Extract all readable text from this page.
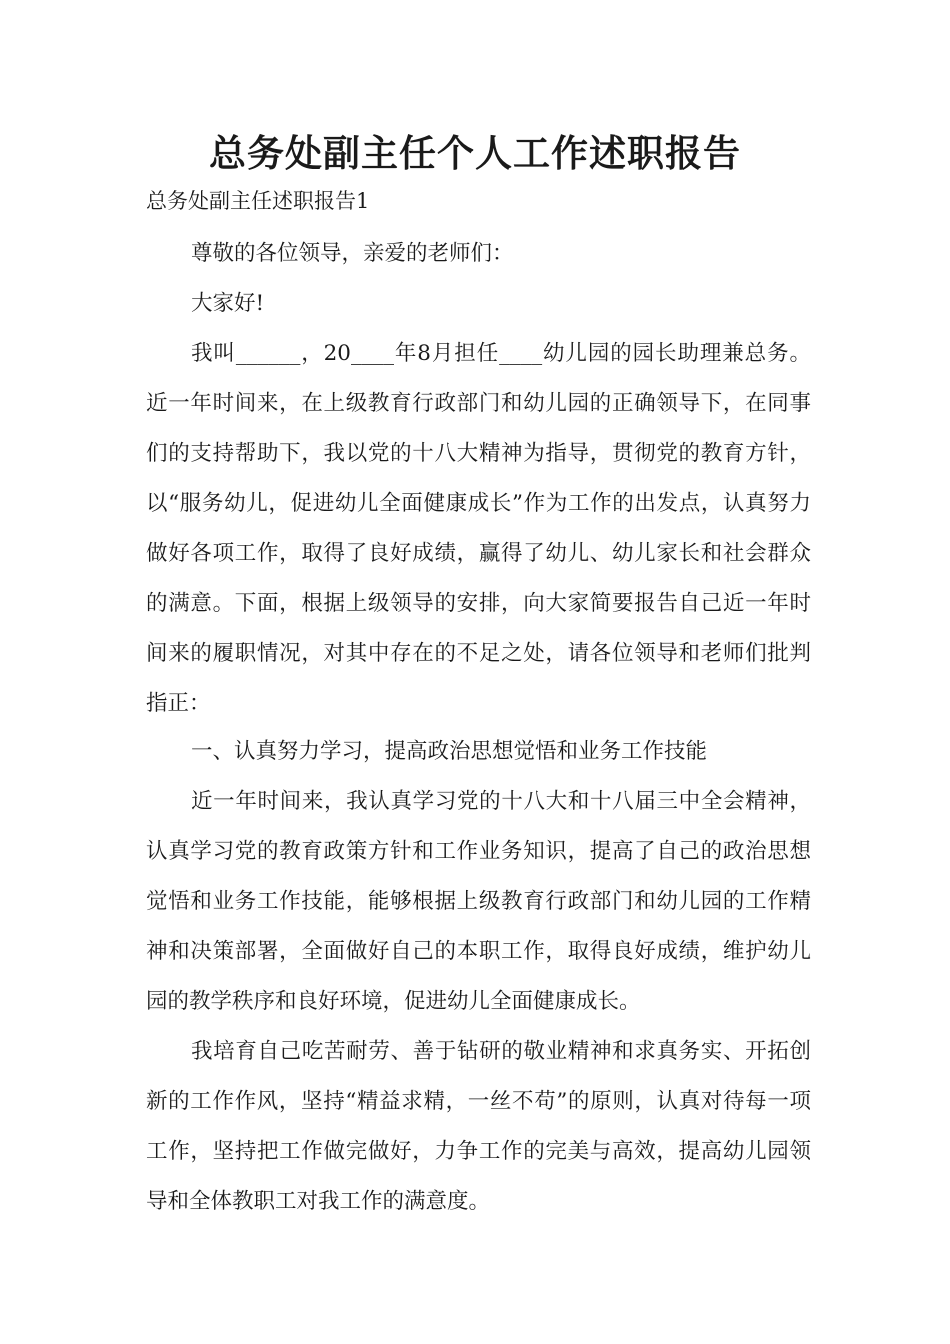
总务处副主任个人工作述职报告

总务处副主任述职报告1

尊敬的各位领导，亲爱的老师们：

大家好!

我叫______，20____年8月担任____幼儿园的园长助理兼总务。近一年时间来，在上级教育行政部门和幼儿园的正确领导下，在同事们的支持帮助下，我以党的十八大精神为指导，贯彻党的教育方针，以“服务幼儿，促进幼儿全面健康成长”作为工作的出发点，认真努力做好各项工作，取得了良好成绩，赢得了幼儿、幼儿家长和社会群众的满意。下面，根据上级领导的安排，向大家简要报告自己近一年时间来的履职情况，对其中存在的不足之处，请各位领导和老师们批判指正：

一、认真努力学习，提高政治思想觉悟和业务工作技能

近一年时间来，我认真学习党的十八大和十八届三中全会精神，认真学习党的教育政策方针和工作业务知识，提高了自己的政治思想觉悟和业务工作技能，能够根据上级教育行政部门和幼儿园的工作精神和决策部署，全面做好自己的本职工作，取得良好成绩，维护幼儿园的教学秩序和良好环境，促进幼儿全面健康成长。

我培育自己吃苦耐劳、善于钻研的敬业精神和求真务实、开拓创新的工作作风，坚持“精益求精，一丝不苟”的原则，认真对待每一项工作，坚持把工作做完做好，力争工作的完美与高效，提高幼儿园领导和全体教职工对我工作的满意度。
